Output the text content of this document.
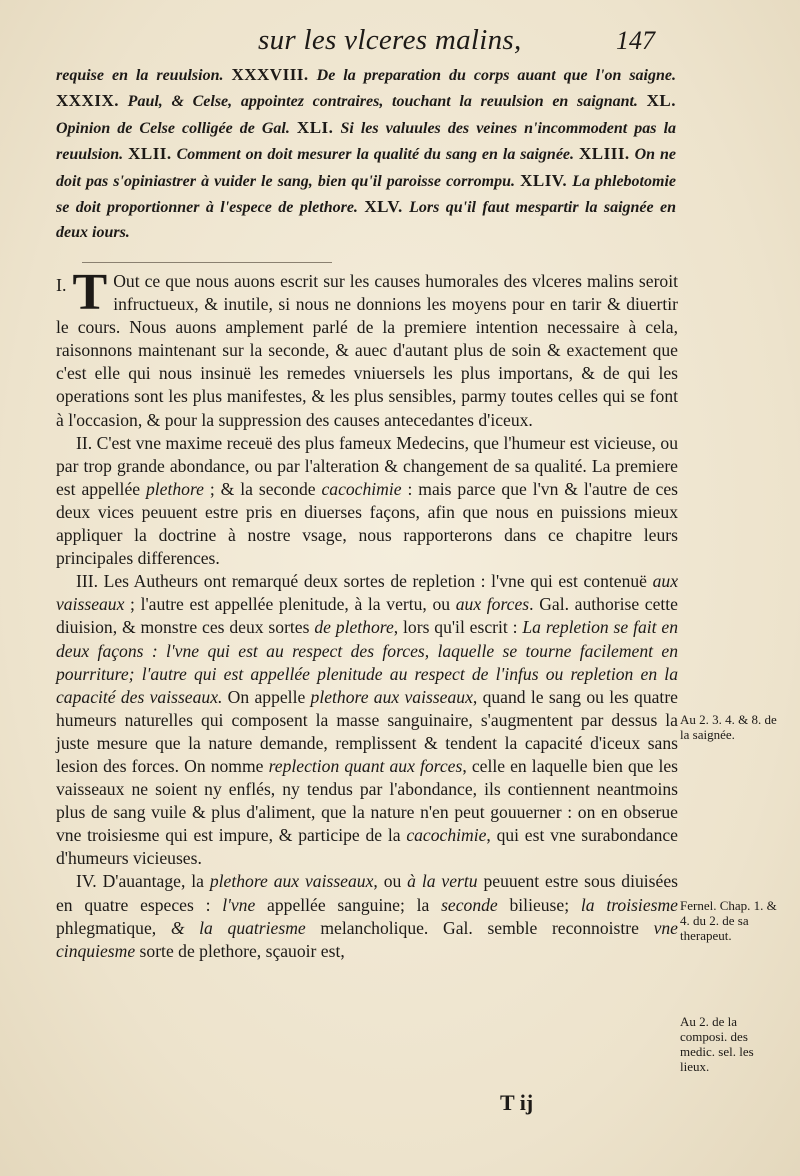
sur les vlceres malins,	147
requise en la reuulsion. XXXVIII. De la preparation du corps auant que l'on saigne. XXXIX. Paul, & Celse, appointez contraires, touchant la reuulsion en saignant. XL. Opinion de Celse colligée de Gal. XLI. Si les valuules des veines n'incommodent pas la reuulsion. XLII. Comment on doit mesurer la qualité du sang en la saignée. XLIII. On ne doit pas s'opiniastrer à vuider le sang, bien qu'il paroisse corrompu. XLIV. La phlebotomie se doit proportionner à l'espece de plethore. XLV. Lors qu'il faut mespartir la saignée en deux iours.

I. T Out ce que nous auons escrit sur les causes humorales des vlceres malins seroit infructueux, & inutile, si nous ne donnions les moyens pour en tarir & diuertir le cours. Nous auons amplement parlé de la premiere intention necessaire à cela, raisonnons maintenant sur la seconde, & auec d'autant plus de soin & exactement que c'est elle qui nous insinuë les remedes vniuersels les plus importans, & de qui les operations sont les plus manifestes, & les plus sensibles, parmy toutes celles qui se font à l'occasion, & pour la suppression des causes antecedantes d'iceux.

II. C'est vne maxime receuë des plus fameux Medecins, que l'humeur est vicieuse, ou par trop grande abondance, ou par l'alteration & changement de sa qualité. La premiere est appellée plethore ; & la seconde cacochimie : mais parce que l'vn & l'autre de ces deux vices peuuent estre pris en diuerses façons, afin que nous en puissions mieux appliquer la doctrine à nostre vsage, nous rapporterons dans ce chapitre leurs principales differences.

III. Les Autheurs ont remarqué deux sortes de repletion : l'vne qui est contenuë aux vaisseaux ; l'autre est appellée plenitude, à la vertu, ou aux forces. Gal. authorise cette diuision, & monstre ces deux sortes de plethore, lors qu'il escrit : La repletion se fait en deux façons : l'vne qui est au respect des forces, laquelle se tourne facilement en pourriture; l'autre qui est appellée plenitude au respect de l'infus ou repletion en la capacité des vaisseaux. On appelle plethore aux vaisseaux, quand le sang ou les quatre humeurs naturelles qui composent la masse sanguinaire, s'augmentent par dessus la juste mesure que la nature demande, remplissent & tendent la capacité d'iceux sans lesion des forces. On nomme replection quant aux forces, celle en laquelle bien que les vaisseaux ne soient ny enflés, ny tendus par l'abondance, ils contiennent neantmoins plus de sang vuile & plus d'aliment, que la nature n'en peut gouuerner : on en obserue vne troisiesme qui est impure, & participe de la cacochimie, qui est vne surabondance d'humeurs vicieuses.

IV. D'auantage, la plethore aux vaisseaux, ou à la vertu peuuent estre sous diuisées en quatre especes : l'vne appellée sanguine; la seconde bilieuse; la troisiesme phlegmatique, & la quatriesme melancholique. Gal. semble reconnoistre vne cinquiesme sorte de plethore, sçauoir est,

Au 2. 3. 4. & 8. de la saignée.
Fernel. Chap. 1. & 4. du 2. de sa therapeut.
Au 2. de la composi. des medic. sel. les lieux.
T ij
